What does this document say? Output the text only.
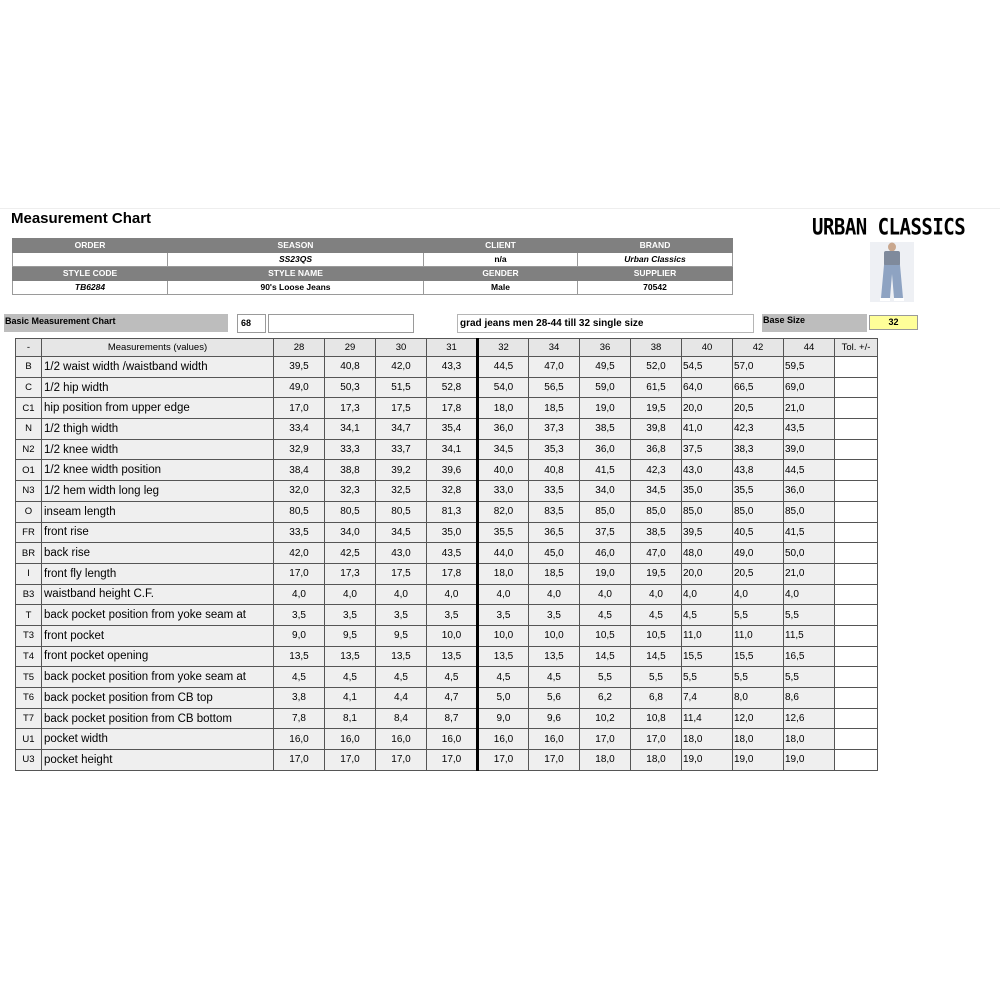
Measurement Chart	URBAN CLASSICS
ORDER	SEASON	CLIENT	BRAND
	SS23QS	n/a	Urban Classics
STYLE CODE	STYLE NAME	GENDER	SUPPLIER
TB6284	90's Loose Jeans	Male	70542
Basic Measurement Chart	68	grad jeans men 28-44 till 32 single size	Base Size	32
-	Measurements (values)	28	29	30	31	32	34	36	38	40	42	44	Tol. +/-
B	1/2 waist width /waistband width	39,5	40,8	42,0	43,3	44,5	47,0	49,5	52,0	54,5	57,0	59,5	
C	1/2 hip width	49,0	50,3	51,5	52,8	54,0	56,5	59,0	61,5	64,0	66,5	69,0	
C1	hip position from upper edge	17,0	17,3	17,5	17,8	18,0	18,5	19,0	19,5	20,0	20,5	21,0	
N	1/2 thigh width	33,4	34,1	34,7	35,4	36,0	37,3	38,5	39,8	41,0	42,3	43,5	
N2	1/2 knee width	32,9	33,3	33,7	34,1	34,5	35,3	36,0	36,8	37,5	38,3	39,0	
O1	1/2 knee width position	38,4	38,8	39,2	39,6	40,0	40,8	41,5	42,3	43,0	43,8	44,5	
N3	1/2 hem width long leg	32,0	32,3	32,5	32,8	33,0	33,5	34,0	34,5	35,0	35,5	36,0	
O	inseam length	80,5	80,5	80,5	81,3	82,0	83,5	85,0	85,0	85,0	85,0	85,0	
FR	front rise	33,5	34,0	34,5	35,0	35,5	36,5	37,5	38,5	39,5	40,5	41,5	
BR	back rise	42,0	42,5	43,0	43,5	44,0	45,0	46,0	47,0	48,0	49,0	50,0	
I	front fly length	17,0	17,3	17,5	17,8	18,0	18,5	19,0	19,5	20,0	20,5	21,0	
B3	waistband height C.F.	4,0	4,0	4,0	4,0	4,0	4,0	4,0	4,0	4,0	4,0	4,0	
T	back pocket position from yoke seam at	3,5	3,5	3,5	3,5	3,5	3,5	4,5	4,5	4,5	5,5	5,5	
T3	front pocket	9,0	9,5	9,5	10,0	10,0	10,0	10,5	10,5	11,0	11,0	11,5	
T4	front pocket opening	13,5	13,5	13,5	13,5	13,5	13,5	14,5	14,5	15,5	15,5	16,5	
T5	back pocket position from yoke seam at	4,5	4,5	4,5	4,5	4,5	4,5	5,5	5,5	5,5	5,5	5,5	
T6	back pocket position from CB top	3,8	4,1	4,4	4,7	5,0	5,6	6,2	6,8	7,4	8,0	8,6	
T7	back pocket position from CB bottom	7,8	8,1	8,4	8,7	9,0	9,6	10,2	10,8	11,4	12,0	12,6	
U1	pocket width	16,0	16,0	16,0	16,0	16,0	16,0	17,0	17,0	18,0	18,0	18,0	
U3	pocket height	17,0	17,0	17,0	17,0	17,0	17,0	18,0	18,0	19,0	19,0	19,0	
